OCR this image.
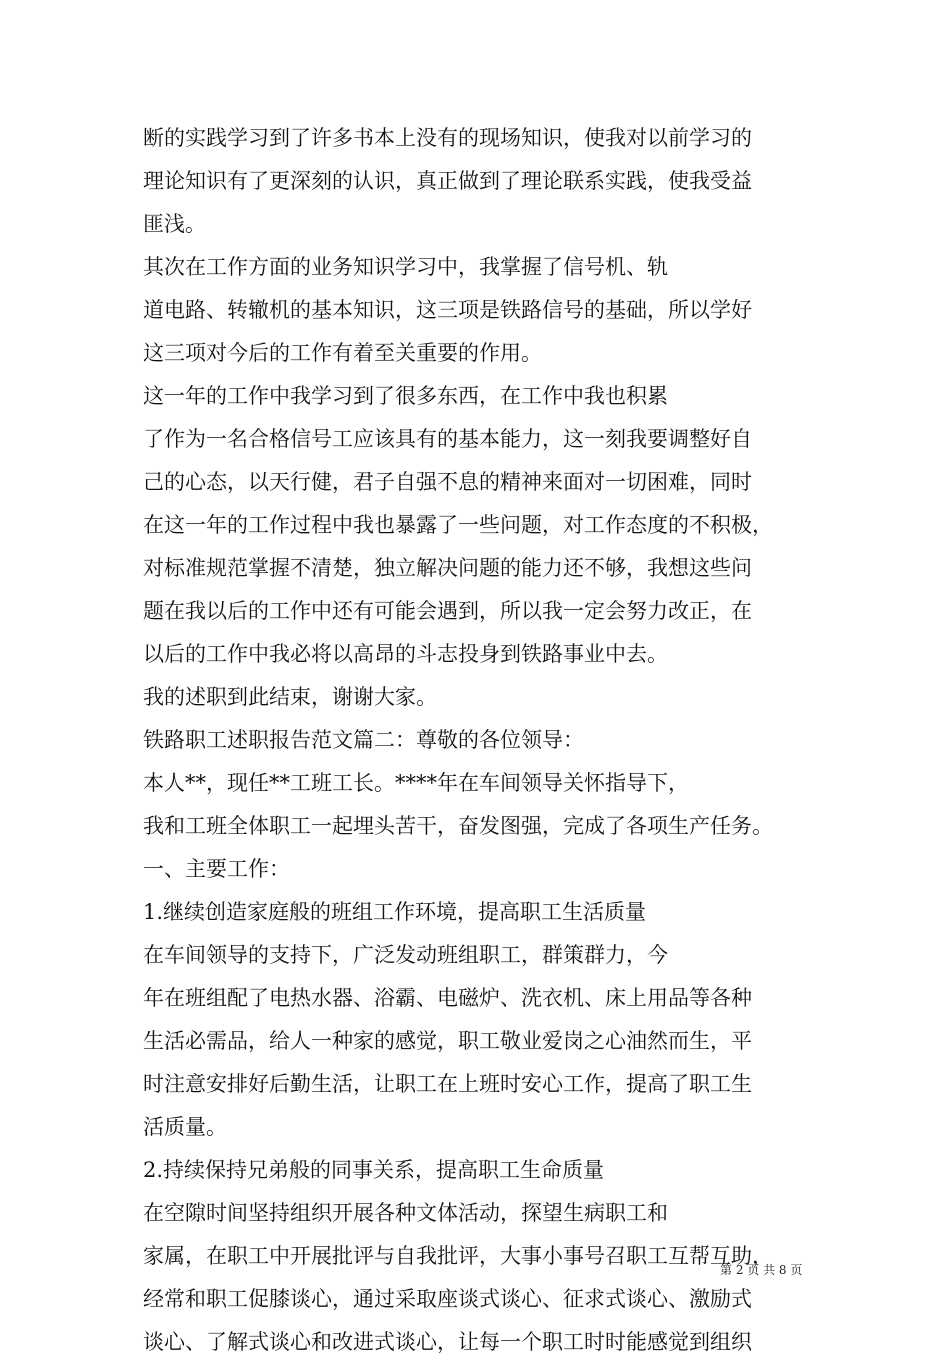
断的实践学习到了许多书本上没有的现场知识，使我对以前学习的
理论知识有了更深刻的认识，真正做到了理论联系实践，使我受益
匪浅。
其次在工作方面的业务知识学习中，我掌握了信号机、轨
道电路、转辙机的基本知识，这三项是铁路信号的基础，所以学好
这三项对今后的工作有着至关重要的作用。
这一年的工作中我学习到了很多东西，在工作中我也积累
了作为一名合格信号工应该具有的基本能力，这一刻我要调整好自
己的心态，以天行健，君子自强不息的精神来面对一切困难，同时
在这一年的工作过程中我也暴露了一些问题，对工作态度的不积极，
对标准规范掌握不清楚，独立解决问题的能力还不够，我想这些问
题在我以后的工作中还有可能会遇到，所以我一定会努力改正，在
以后的工作中我必将以高昂的斗志投身到铁路事业中去。
我的述职到此结束，谢谢大家。
铁路职工述职报告范文篇二：尊敬的各位领导：
本人**，现任**工班工长。****年在车间领导关怀指导下，
我和工班全体职工一起埋头苦干，奋发图强，完成了各项生产任务。
一、主要工作：
1.继续创造家庭般的班组工作环境，提高职工生活质量
在车间领导的支持下，广泛发动班组职工，群策群力，今
年在班组配了电热水器、浴霸、电磁炉、洗衣机、床上用品等各种
生活必需品，给人一种家的感觉，职工敬业爱岗之心油然而生，平
时注意安排好后勤生活，让职工在上班时安心工作，提高了职工生
活质量。
2.持续保持兄弟般的同事关系，提高职工生命质量
在空隙时间坚持组织开展各种文体活动，探望生病职工和
家属，在职工中开展批评与自我批评，大事小事号召职工互帮互助，
经常和职工促膝谈心，通过采取座谈式谈心、征求式谈心、激励式
谈心、了解式谈心和改进式谈心，让每一个职工时时能感觉到组织
第 2 页 共 8 页
